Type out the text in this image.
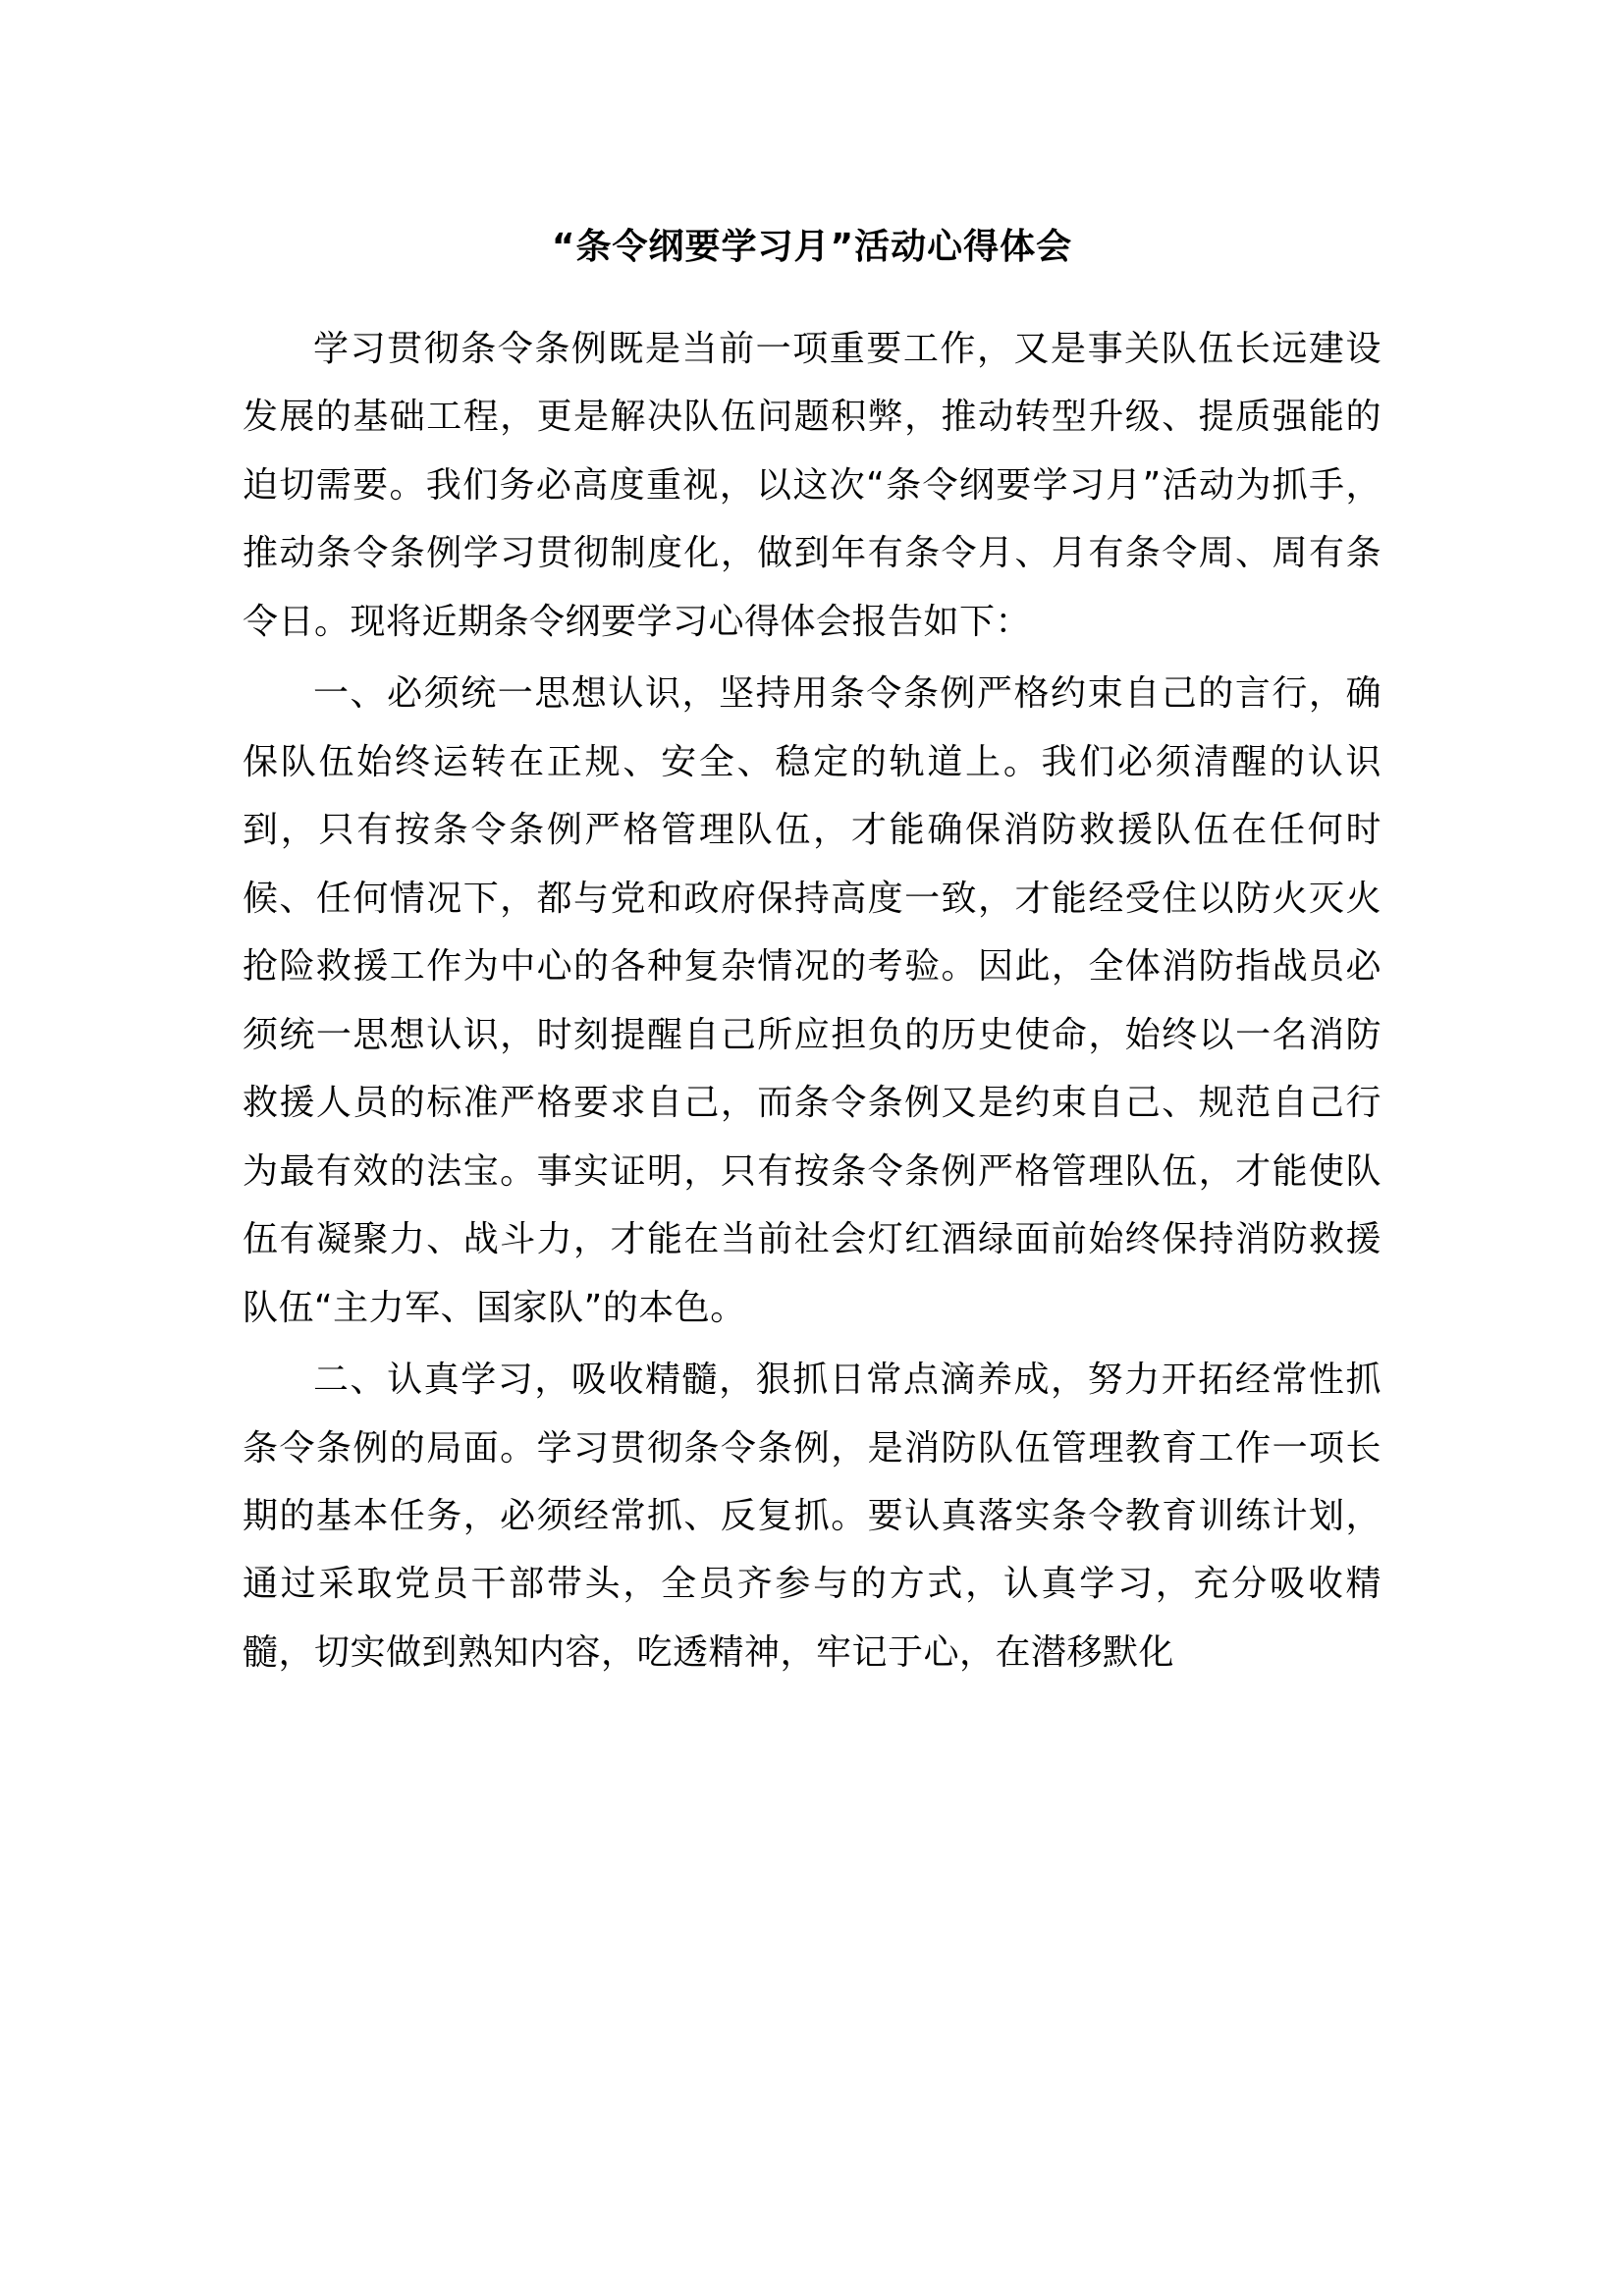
“条令纲要学习月”活动心得体会

学习贯彻条令条例既是当前一项重要工作，又是事关队伍长远建设发展的基础工程，更是解决队伍问题积弊，推动转型升级、提质强能的迫切需要。我们务必高度重视，以这次“条令纲要学习月”活动为抓手，推动条令条例学习贯彻制度化，做到年有条令月、月有条令周、周有条令日。现将近期条令纲要学习心得体会报告如下：

一、必须统一思想认识，坚持用条令条例严格约束自己的言行，确保队伍始终运转在正规、安全、稳定的轨道上。我们必须清醒的认识到，只有按条令条例严格管理队伍，才能确保消防救援队伍在任何时候、任何情况下，都与党和政府保持高度一致，才能经受住以防火灭火抢险救援工作为中心的各种复杂情况的考验。因此，全体消防指战员必须统一思想认识，时刻提醒自己所应担负的历史使命，始终以一名消防救援人员的标准严格要求自己，而条令条例又是约束自己、规范自己行为最有效的法宝。事实证明，只有按条令条例严格管理队伍，才能使队伍有凝聚力、战斗力，才能在当前社会灯红酒绿面前始终保持消防救援队伍“主力军、国家队”的本色。

二、认真学习，吸收精髓，狠抓日常点滴养成，努力开拓经常性抓条令条例的局面。学习贯彻条令条例，是消防队伍管理教育工作一项长期的基本任务，必须经常抓、反复抓。要认真落实条令教育训练计划，通过采取党员干部带头，全员齐参与的方式，认真学习，充分吸收精髓，切实做到熟知内容，吃透精神，牢记于心，在潜移默化
